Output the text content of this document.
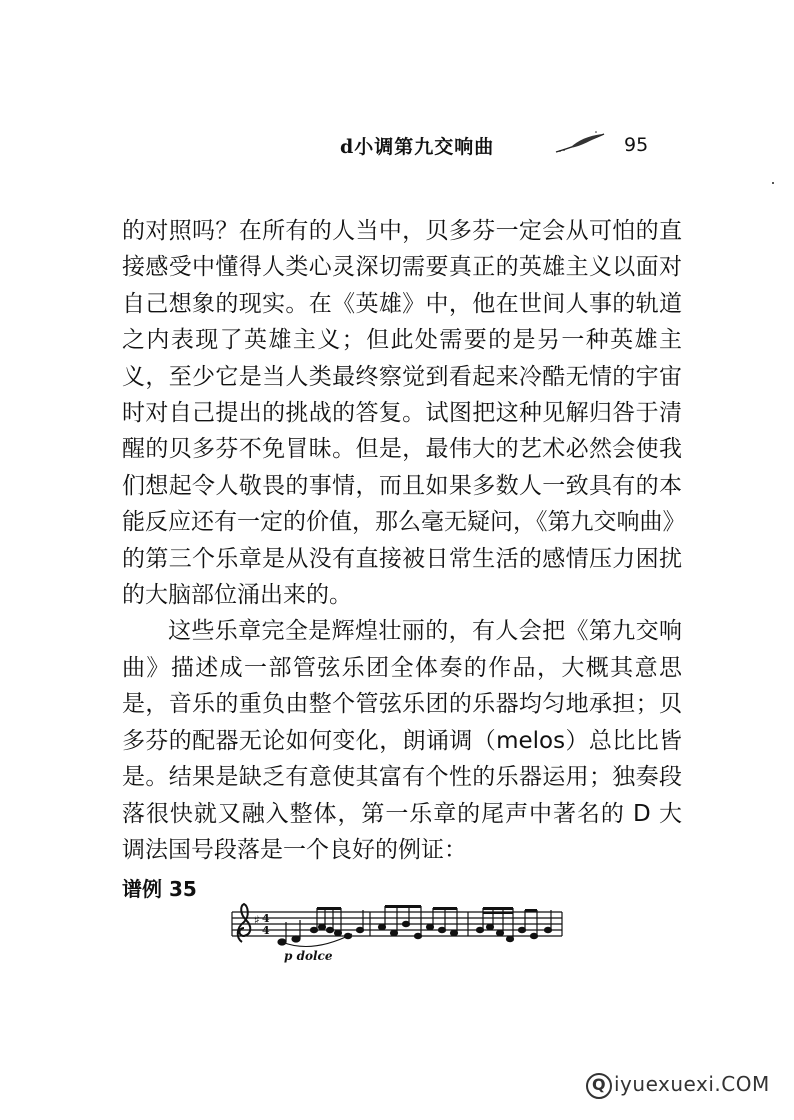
d小调第九交响曲	95

的对照吗？在所有的人当中，贝多芬一定会从可怕的直
接感受中懂得人类心灵深切需要真正的英雄主义以面对
自己想象的现实。在《英雄》中，他在世间人事的轨道
之内表现了英雄主义；但此处需要的是另一种英雄主
义，至少它是当人类最终察觉到看起来冷酷无情的宇宙
时对自己提出的挑战的答复。试图把这种见解归咎于清
醒的贝多芬不免冒昧。但是，最伟大的艺术必然会使我
们想起令人敬畏的事情，而且如果多数人一致具有的本
能反应还有一定的价值，那么毫无疑问，《第九交响曲》
的第三个乐章是从没有直接被日常生活的感情压力困扰
的大脑部位涌出来的。

这些乐章完全是辉煌壮丽的，有人会把《第九交响
曲》描述成一部管弦乐团全体奏的作品，大概其意思
是，音乐的重负由整个管弦乐团的乐器均匀地承担；贝
多芬的配器无论如何变化，朗诵调（melos）总比比皆
是。结果是缺乏有意使其富有个性的乐器运用；独奏段
落很快就又融入整体，第一乐章的尾声中著名的 D 大
调法国号段落是一个良好的例证：

谱例 35
♯ 4
4
p dolce
Q iyuexuexi.COM
